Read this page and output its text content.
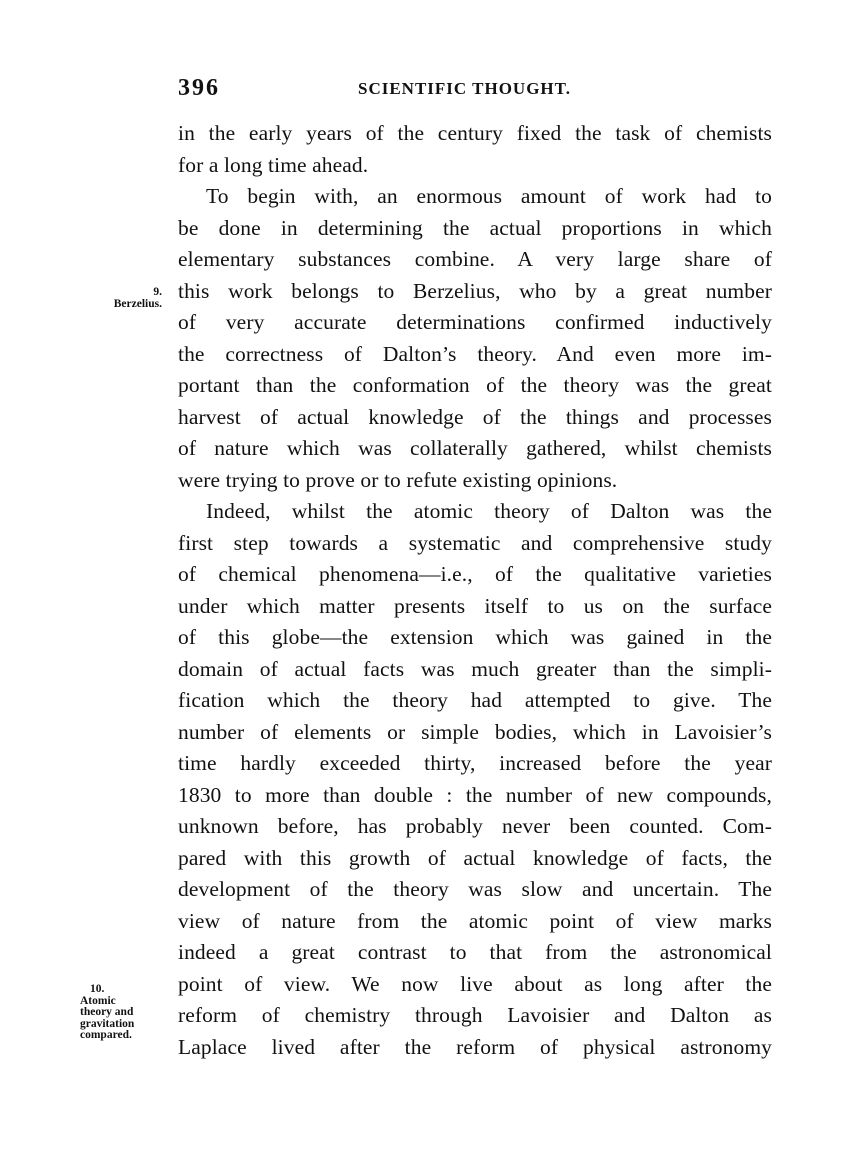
396	SCIENTIFIC THOUGHT.
9.
Berzelius.
10.
Atomic
theory and
gravitation
compared.
in the early years of the century fixed the task of chemists
for a long time ahead.
To begin with, an enormous amount of work had to
be done in determining the actual proportions in which
elementary substances combine. A very large share of
this work belongs to Berzelius, who by a great number
of very accurate determinations confirmed inductively
the correctness of Dalton’s theory. And even more im-
portant than the conformation of the theory was the great
harvest of actual knowledge of the things and processes
of nature which was collaterally gathered, whilst chemists
were trying to prove or to refute existing opinions.
Indeed, whilst the atomic theory of Dalton was the
first step towards a systematic and comprehensive study
of chemical phenomena—i.e., of the qualitative varieties
under which matter presents itself to us on the surface
of this globe—the extension which was gained in the
domain of actual facts was much greater than the simpli-
fication which the theory had attempted to give. The
number of elements or simple bodies, which in Lavoisier’s
time hardly exceeded thirty, increased before the year
1830 to more than double : the number of new compounds,
unknown before, has probably never been counted. Com-
pared with this growth of actual knowledge of facts, the
development of the theory was slow and uncertain. The
view of nature from the atomic point of view marks
indeed a great contrast to that from the astronomical
point of view. We now live about as long after the
reform of chemistry through Lavoisier and Dalton as
Laplace lived after the reform of physical astronomy
